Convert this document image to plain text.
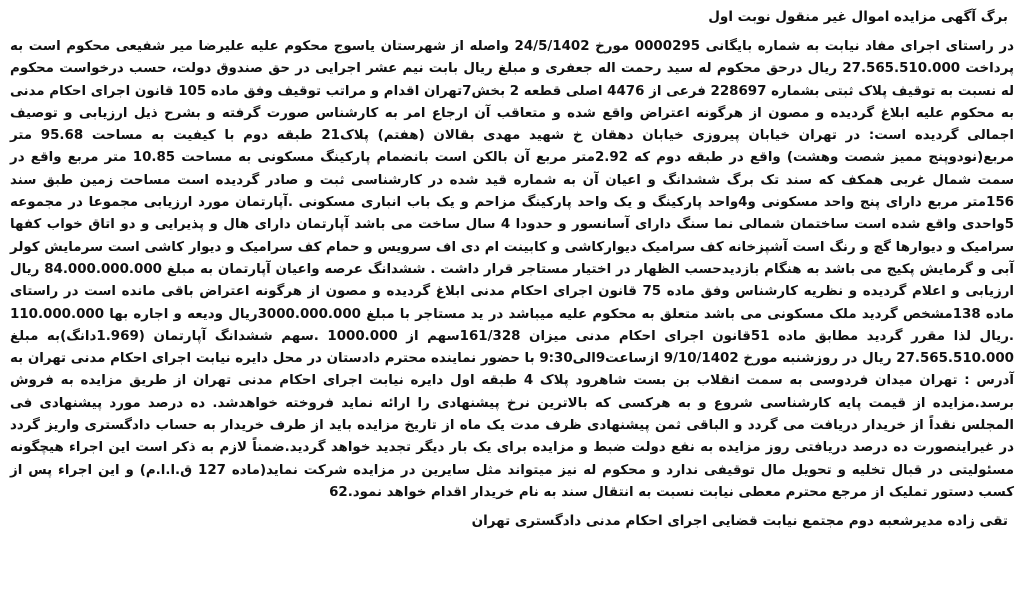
برگ آگهی مزایده اموال غیر منقول نوبت اول

در راستای اجرای مفاد نیابت به شماره بایگانی 0000295 مورخ 24/5/1402 واصله از شهرستان یاسوج محکوم علیه علیرضا میر شفیعی محکوم است به پرداخت 27.565.510.000 ریال درحق محکوم له سید رحمت اله جعفری و مبلغ ریال بابت نیم عشر اجرایی در حق صندوق دولت، حسب درخواست محکوم له نسبت به توقیف پلاک ثبتی بشماره 228697 فرعی از 4476 اصلی قطعه 2 بخش7تهران اقدام و مراتب توقیف وفق ماده 105 قانون اجرای احکام مدنی به محکوم علیه ابلاغ گردیده و مصون از هرگونه اعتراض واقع شده و متعاقب آن ارجاع امر به کارشناس صورت گرفته و بشرح ذیل ارزیابی و توصیف اجمالی گردیده است: در تهران خیابان پیروزی خیابان دهقان خ شهید مهدی بقالان (هفتم) پلاک21 طبقه دوم با کیفیت به مساحت 95.68 متر مربع(نودوپنج ممیز شصت وهشت) واقع در طبقه دوم که 2.92متر مربع آن بالکن است بانضمام پارکینگ مسکونی به مساحت 10.85 متر مربع واقع در سمت شمال غربی همکف که سند تک برگ ششدانگ و اعیان آن به شماره قید شده در کارشناسی ثبت و صادر گردیده است مساحت زمین طبق سند 156متر مربع دارای پنج واحد مسکونی و4واحد پارکینگ و یک واحد پارکینگ مزاحم و یک باب انباری مسکونی .آپارتمان مورد ارزیابی مجموعا در مجموعه 5واحدی واقع شده است ساختمان شمالی نما سنگ دارای آسانسور و حدودا 4 سال ساخت می باشد آپارتمان دارای هال و پذیرایی و دو اتاق خواب کفها سرامیک و دیوارها گچ و رنگ است آشپزخانه کف سرامیک دیوارکاشی و کابینت ام دی اف سرویس و حمام کف سرامیک و دیوار کاشی است سرمایش کولر آبی و گرمایش پکیج می باشد به هنگام بازدیدحسب الظهار در اختیار مستاجر قرار داشت . ششدانگ عرصه واعیان آپارتمان به مبلغ 84.000.000.000 ریال ارزیابی و اعلام گردیده و نظریه کارشناس وفق ماده 75 قانون اجرای احکام مدنی ابلاغ گردیده و مصون از هرگونه اعتراض باقی مانده است در راستای ماده 138مشخص گردید ملک مسکونی می باشد متعلق به محکوم علیه میباشد در ید مستاجر با مبلغ 3000.000.000ریال ودیعه و اجاره بها 110.000.000 .ریال لذا مقرر گردید مطابق ماده 51قانون اجرای احکام مدنی میزان 161/328سهم از 1000.000 .سهم ششدانگ آپارتمان (1.969دانگ)به مبلغ 27.565.510.000 ریال در روزشنبه مورخ 9/10/1402 ازساعت9الی9:30 با حضور نماینده محترم دادستان در محل دایره نیابت اجرای احکام مدنی تهران به آدرس : تهران میدان فردوسی به سمت انقلاب بن بست شاهرود پلاک 4 طبقه اول دایره نیابت اجرای احکام مدنی تهران از طریق مزایده به فروش برسد.مزایده از قیمت پایه کارشناسی شروع و به هرکسی که بالاترین نرخ پیشنهادی را ارائه نماید فروخته خواهدشد. ده درصد مورد پیشنهادی فی المجلس نقداً از خریدار دریافت می گردد و الباقی ثمن پیشنهادی ظرف مدت یک ماه از تاریخ مزایده باید از طرف خریدار به حساب دادگستری واریز گردد در غیراینصورت ده درصد دریافتی روز مزایده به نفع دولت ضبط و مزایده برای یک بار دیگر تجدید خواهد گردید.ضمناً لازم به ذکر است این اجراء هیچگونه مسئولیتی در قبال تخلیه و تحویل مال توقیفی ندارد و محکوم له نیز میتواند مثل سایرین در مزایده شرکت نماید(ماده 127 ق.ا.ا.م) و این اجراء پس از کسب دستور تملیک از مرجع محترم معطی نیابت نسبت به انتقال سند به نام خریدار اقدام خواهد نمود.62

تقی زاده مدیرشعبه دوم مجتمع نیابت قضایی اجرای احکام مدنی دادگستری تهران
